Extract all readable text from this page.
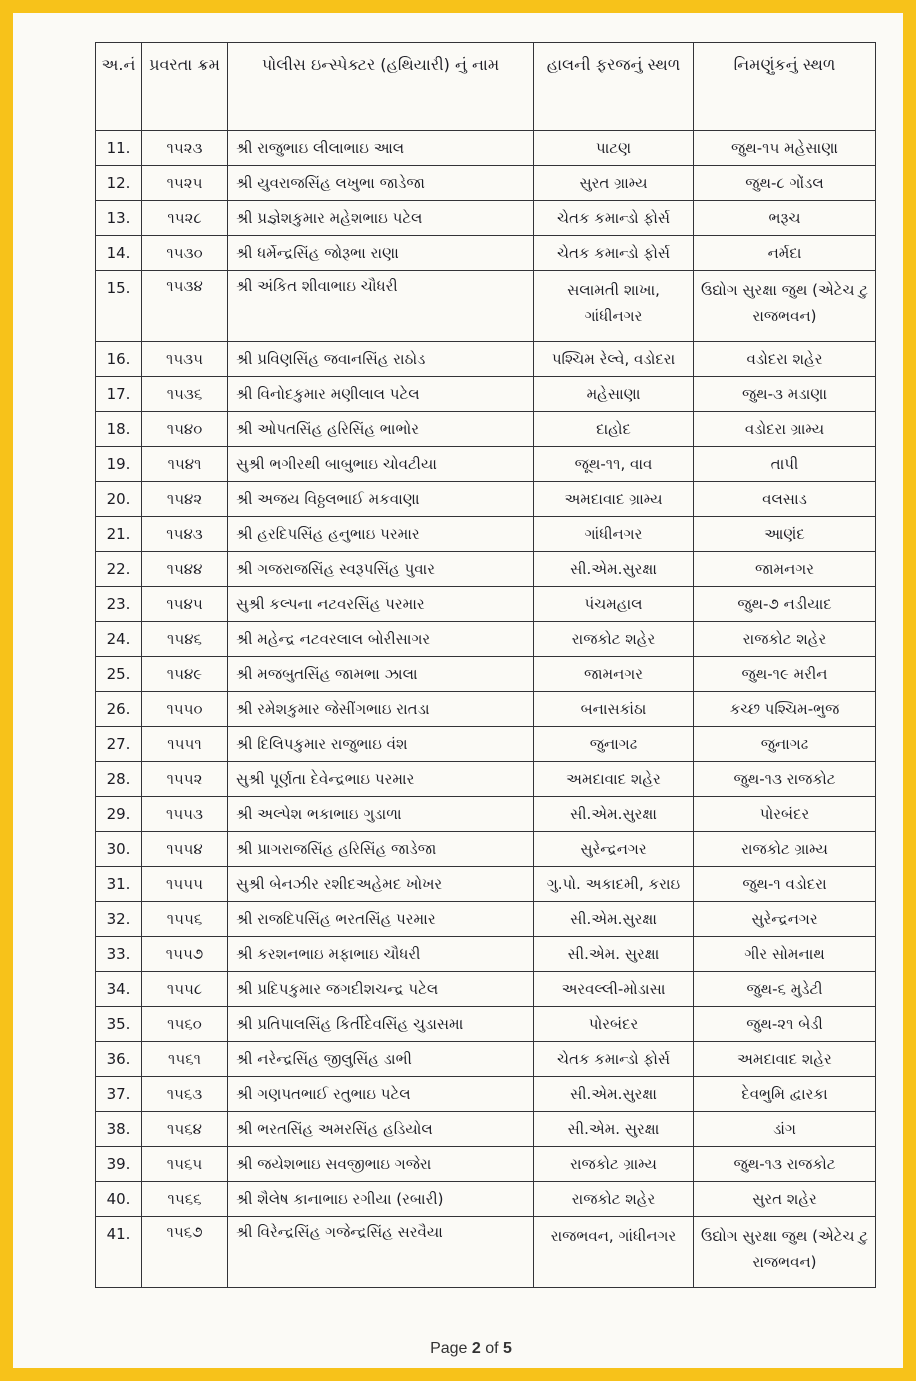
અ.નં	પ્રવરતા ક્રમ	પોલીસ ઇન્સ્પેક્ટર (હથિયારી) નું નામ	હાલની ફરજનું સ્થળ	નિમણુંકનું સ્થળ
11.	૧૫૨૩	શ્રી રાજુભાઇ લીલાભાઇ આલ	પાટણ	જુથ-૧૫ મહેસાણા
12.	૧૫૨૫	શ્રી યુવરાજસિંહ લખુભા જાડેજા	સુરત ગ્રામ્ય	જુથ-૮ ગોંડલ
13.	૧૫૨૮	શ્રી પ્રજ્ઞેશકુમાર મહેશભાઇ પટેલ	ચેતક કમાન્ડો ફોર્સ	ભરૂચ
14.	૧૫૩૦	શ્રી ધર્મેન્દ્રસિંહ જોરૂભા રાણા	ચેતક કમાન્ડો ફોર્સ	નર્મદા
15.	૧૫૩૪	શ્રી અંકિત શીવાભાઇ ચૌધરી	સલામતી શાખા, ગાંધીનગર	ઉદ્યોગ સુરક્ષા જુથ (એટેચ ટુ રાજભવન)
16.	૧૫૩૫	શ્રી પ્રવિણસિંહ જવાનસિંહ રાઠોડ	પશ્ચિમ રેલ્વે, વડોદરા	વડોદરા શહેર
17.	૧૫૩૬	શ્રી વિનોદકુમાર મણીલાલ પટેલ	મહેસાણા	જુથ-૩ મડાણા
18.	૧૫૪૦	શ્રી ઓપતસિંહ હરિસિંહ ભાભોર	દાહોદ	વડોદરા ગ્રામ્ય
19.	૧૫૪૧	સુશ્રી ભગીરથી બાબુભાઇ ચોવટીયા	જૂથ-૧૧, વાવ	તાપી
20.	૧૫૪૨	શ્રી અજય વિઠ્ઠલભાઈ મકવાણા	અમદાવાદ ગ્રામ્ય	વલસાડ
21.	૧૫૪૩	શ્રી હરદિપસિંહ હનુભાઇ પરમાર	ગાંધીનગર	આણંદ
22.	૧૫૪૪	શ્રી ગજરાજસિંહ સ્વરૂપસિંહ પુવાર	સી.એમ.સુરક્ષા	જામનગર
23.	૧૫૪૫	સુશ્રી કલ્પના નટવરસિંહ પરમાર	પંચમહાલ	જુથ-૭ નડીયાદ
24.	૧૫૪૬	શ્રી મહેન્દ્ર નટવરલાલ બોરીસાગર	રાજકોટ શહેર	રાજકોટ શહેર
25.	૧૫૪૯	શ્રી મજબુતસિંહ જામભા ઝાલા	જામનગર	જુથ-૧૯ મરીન
26.	૧૫૫૦	શ્રી રમેશકુમાર જેસીંગભાઇ રાતડા	બનાસકાંઠા	કચ્છ પશ્ચિમ-ભુજ
27.	૧૫૫૧	શ્રી દિલિપકુમાર રાજુભાઇ વંશ	જુનાગઢ	જુનાગઢ
28.	૧૫૫૨	સુશ્રી પૂર્ણતા દેવેન્દ્રભાઇ પરમાર	અમદાવાદ શહેર	જુથ-૧૩ રાજકોટ
29.	૧૫૫૩	શ્રી અલ્પેશ ભકાભાઇ ગુડાળા	સી.એમ.સુરક્ષા	પોરબંદર
30.	૧૫૫૪	શ્રી પ્રાગરાજસિંહ હરિસિંહ જાડેજા	સુરેન્દ્રનગર	રાજકોટ ગ્રામ્ય
31.	૧૫૫૫	સુશ્રી બેનઝીર રશીદઅહેમદ ખોખર	ગુ.પો. અકાદમી, કરાઇ	જુથ-૧ વડોદરા
32.	૧૫૫૬	શ્રી રાજદિપસિંહ ભરતસિંહ પરમાર	સી.એમ.સુરક્ષા	સુરેન્દ્રનગર
33.	૧૫૫૭	શ્રી કરશનભાઇ મફાભાઇ ચૌધરી	સી.એમ. સુરક્ષા	ગીર સોમનાથ
34.	૧૫૫૮	શ્રી પ્રદિપકુમાર જગદીશચન્દ્ર પટેલ	અરવલ્લી-મોડાસા	જુથ-૬ મુડેટી
35.	૧૫૬૦	શ્રી પ્રતિપાલસિંહ કિર્તીદેવસિંહ ચુડાસમા	પોરબંદર	જુથ-૨૧ બેડી
36.	૧૫૬૧	શ્રી નરેન્દ્રસિંહ જીલુસિંહ ડાભી	ચેતક કમાન્ડો ફોર્સ	અમદાવાદ શહેર
37.	૧૫૬૩	શ્રી ગણપતભાઈ રતુભાઇ પટેલ	સી.એમ.સુરક્ષા	દેવભુમિ દ્વારકા
38.	૧૫૬૪	શ્રી ભરતસિંહ અમરસિંહ હડિયોલ	સી.એમ. સુરક્ષા	ડાંગ
39.	૧૫૬૫	શ્રી જયેશભાઇ સવજીભાઇ ગજેરા	રાજકોટ ગ્રામ્ય	જુથ-૧૩ રાજકોટ
40.	૧૫૬૬	શ્રી શૈલેષ કાનાભાઇ રગીયા (રબારી)	રાજકોટ શહેર	સુરત શહેર
41.	૧૫૬૭	શ્રી વિરેન્દ્રસિંહ ગજેન્દ્રસિંહ સરવૈયા	રાજભવન, ગાંધીનગર	ઉદ્યોગ સુરક્ષા જુથ (એટેચ ટુ રાજભવન)
Page 2 of 5
